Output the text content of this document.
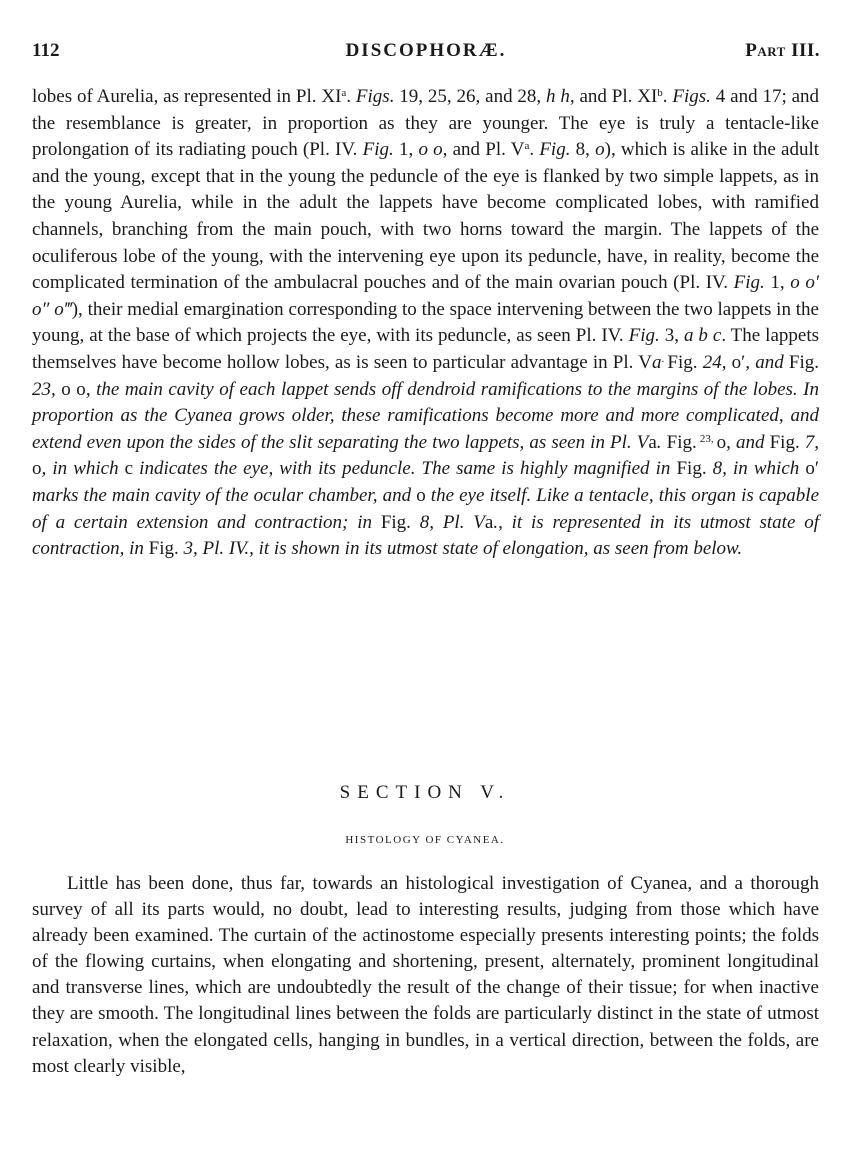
112	DISCOPHORÆ.	Part III.

lobes of Aurelia, as represented in Pl. $XI^a$. Figs. 19, 25, 26, and 28, h h, and Pl. $XI^b$. Figs. 4 and 17; and the resemblance is greater, in proportion as they are younger. The eye is truly a tentacle-like prolongation of its radiating pouch (Pl. IV. Fig. 1, o o, and Pl. $V^a$. Fig. 8, o), which is alike in the adult and the young, except that in the young the peduncle of the eye is flanked by two simple lappets, as in the young Aurelia, while in the adult the lappets have become complicated lobes, with ramified channels, branching from the main pouch, with two horns toward the margin. The lappets of the oculiferous lobe of the young, with the intervening eye upon its peduncle, have, in reality, become the complicated termination of the ambulacral pouches and of the main ovarian pouch (Pl. IV. Fig. 1, o o′ o″ o‴), their medial emargination corresponding to the space intervening between the two lappets in the young, at the base of which projects the eye, with its peduncle, as seen Pl. IV. Fig. 3, a b c. The lappets themselves have become hollow lobes, as is seen to particular advantage in Pl. Va. Fig. 24, o′, and Fig. 23, o o, the main cavity of each lappet sends off dendroid ramifications to the margins of the lobes. In proportion as the Cyanea grows older, these ramifications become more and more complicated, and extend even upon the sides of the slit separating the two lappets, as seen in Pl. Va. Fig. $^{23,}$ o, and Fig. 7, o, in which c indicates the eye, with its peduncle. The same is highly magnified in Fig. 8, in which o′ marks the main cavity of the ocular chamber, and o the eye itself. Like a tentacle, this organ is capable of a certain extension and contraction; in Fig. 8, Pl. Va., it is represented in its utmost state of contraction, in Fig. 3, Pl. IV., it is shown in its utmost state of elongation, as seen from below.

SECTION V.
HISTOLOGY OF CYANEA.

Little has been done, thus far, towards an histological investigation of Cyanea, and a thorough survey of all its parts would, no doubt, lead to interesting results, judging from those which have already been examined. The curtain of the actinostome especially presents interesting points; the folds of the flowing curtains, when elongating and shortening, present, alternately, prominent longitudinal and transverse lines, which are undoubtedly the result of the change of their tissue; for when inactive they are smooth. The longitudinal lines between the folds are particularly distinct in the state of utmost relaxation, when the elongated cells, hanging in bundles, in a vertical direction, between the folds, are most clearly visible,
